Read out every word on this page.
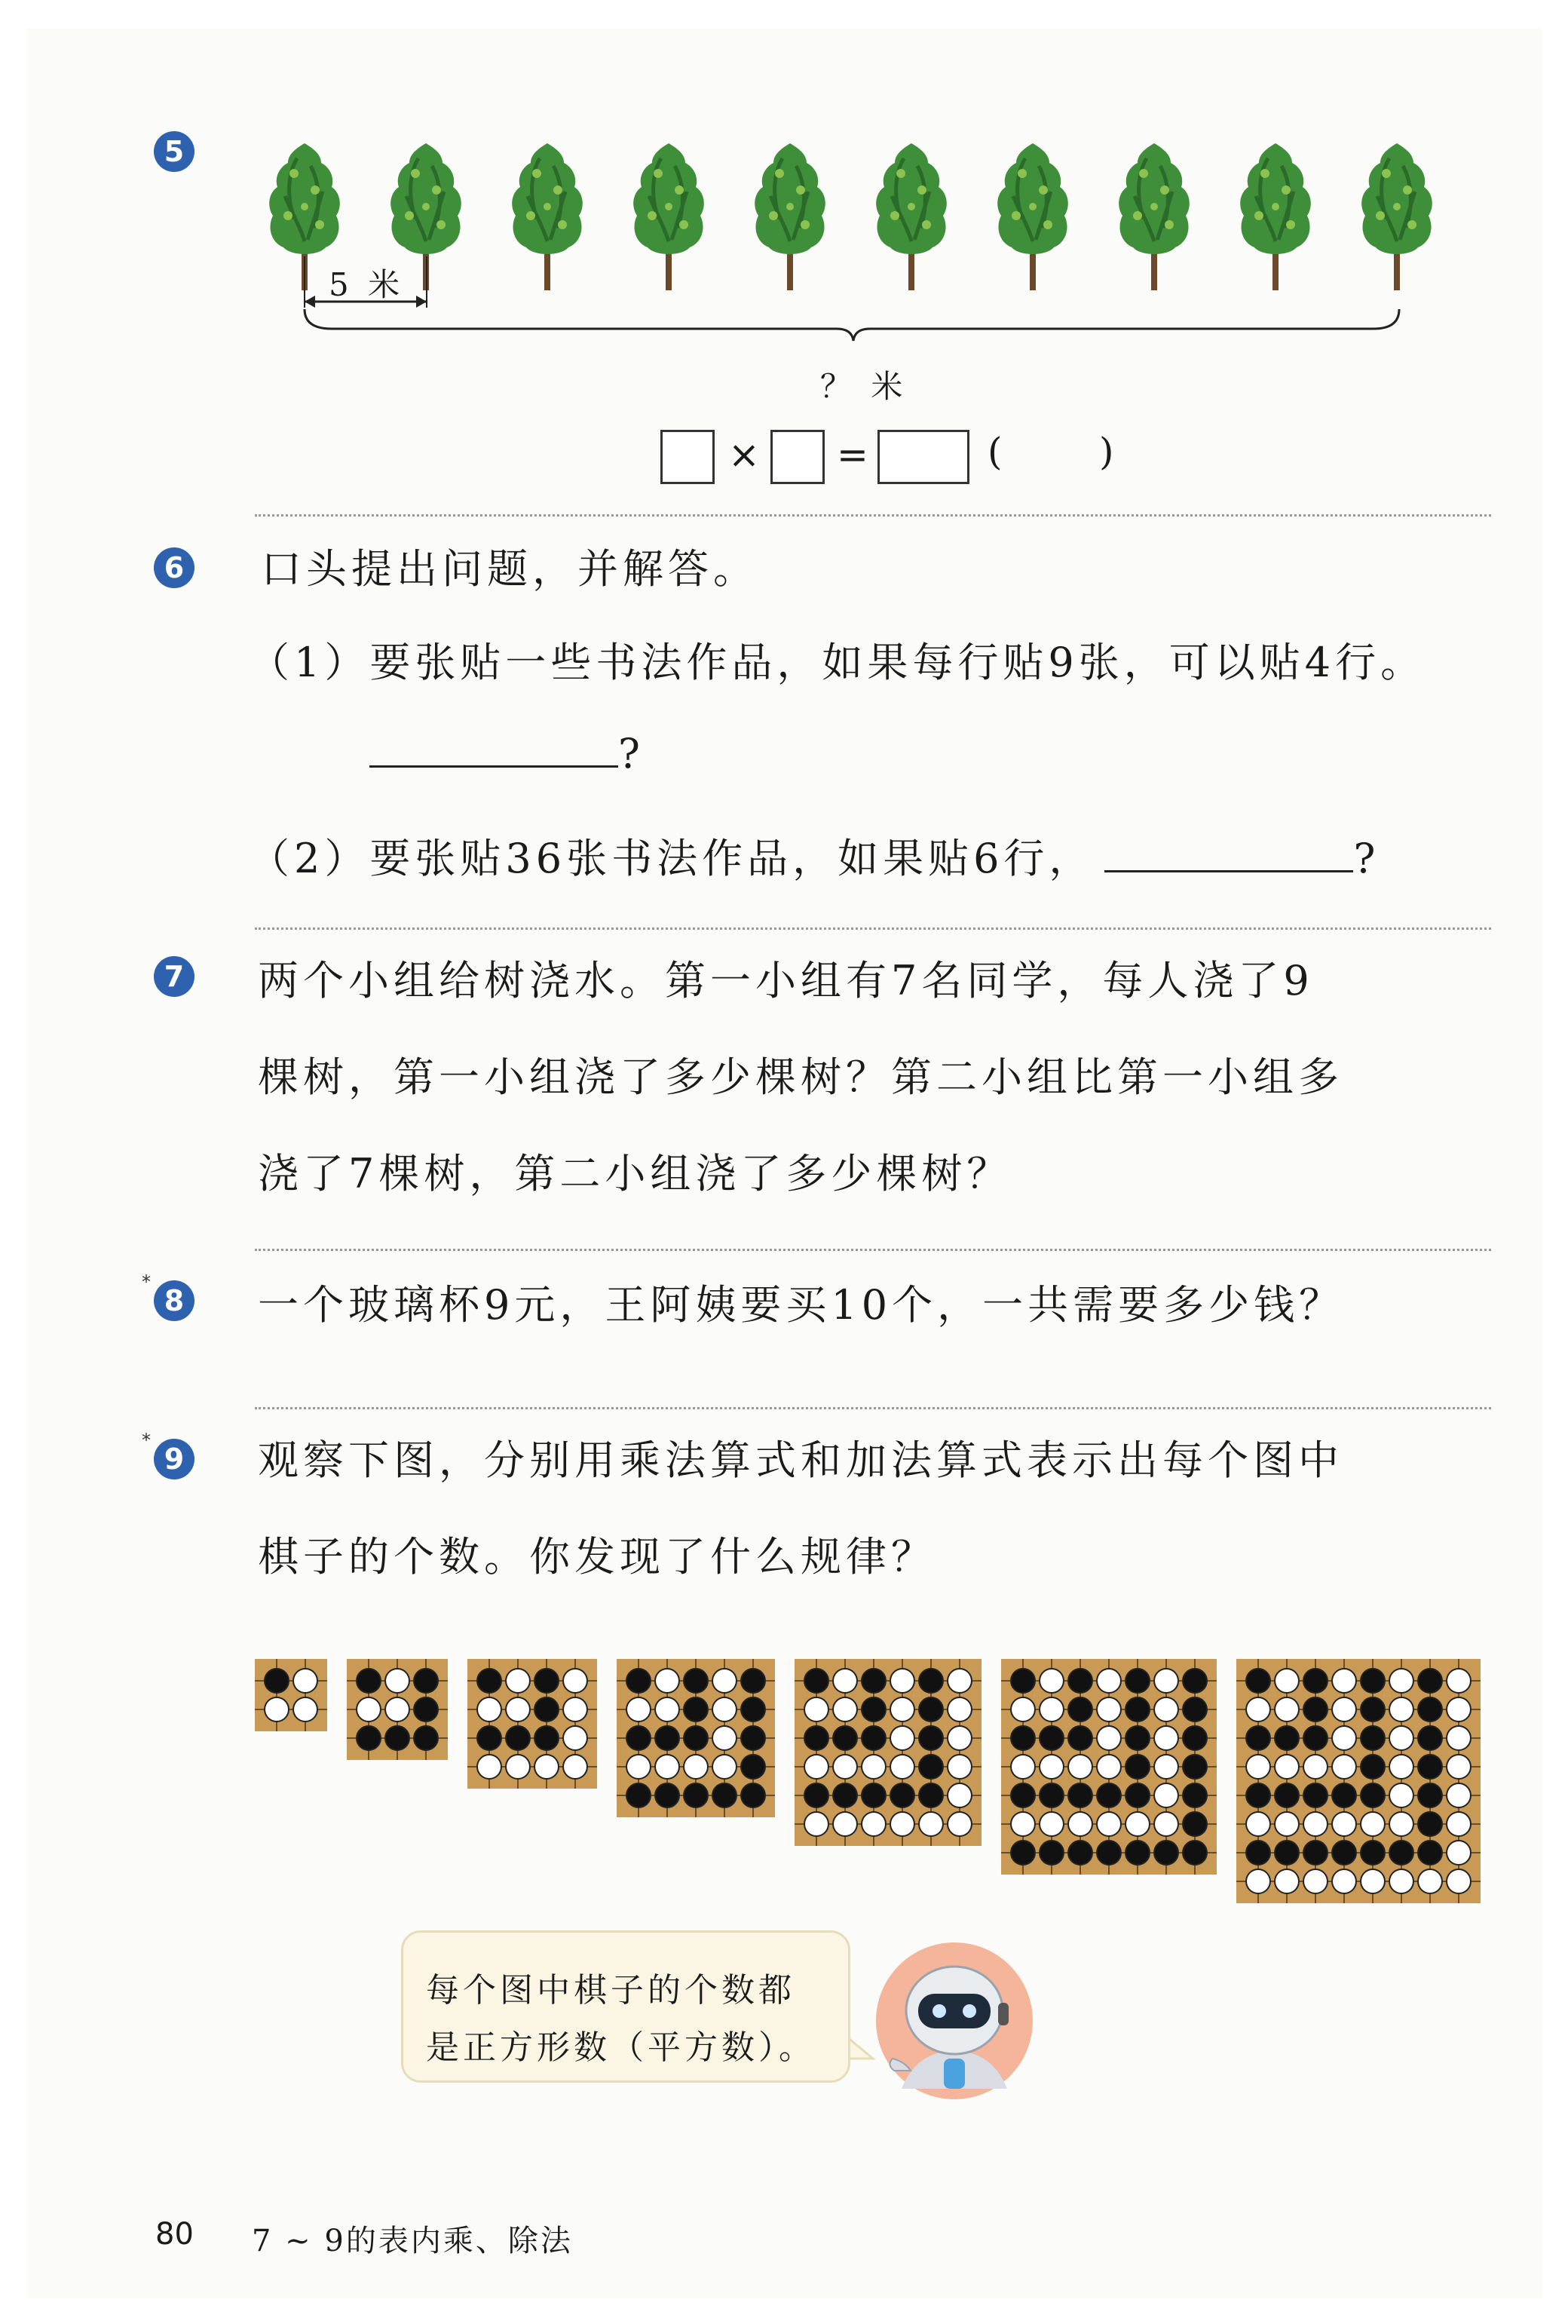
5
5 米
？ 米
× =	(	)
6 口头提出问题，并解答。
（1）要张贴一些书法作品，如果每行贴9张，可以贴4行。
?
（2）要张贴36张书法作品，如果贴6行，	?
7 两个小组给树浇水。第一小组有7名同学，每人浇了9
棵树，第一小组浇了多少棵树？第二小组比第一小组多
浇了7棵树，第二小组浇了多少棵树？
*
8 一个玻璃杯9元，王阿姨要买10个，一共需要多少钱？
*
9 观察下图，分别用乘法算式和加法算式表示出每个图中
棋子的个数。你发现了什么规律？
每个图中棋子的个数都
是正方形数（平方数）。
80 7 ~ 9的表内乘、除法
